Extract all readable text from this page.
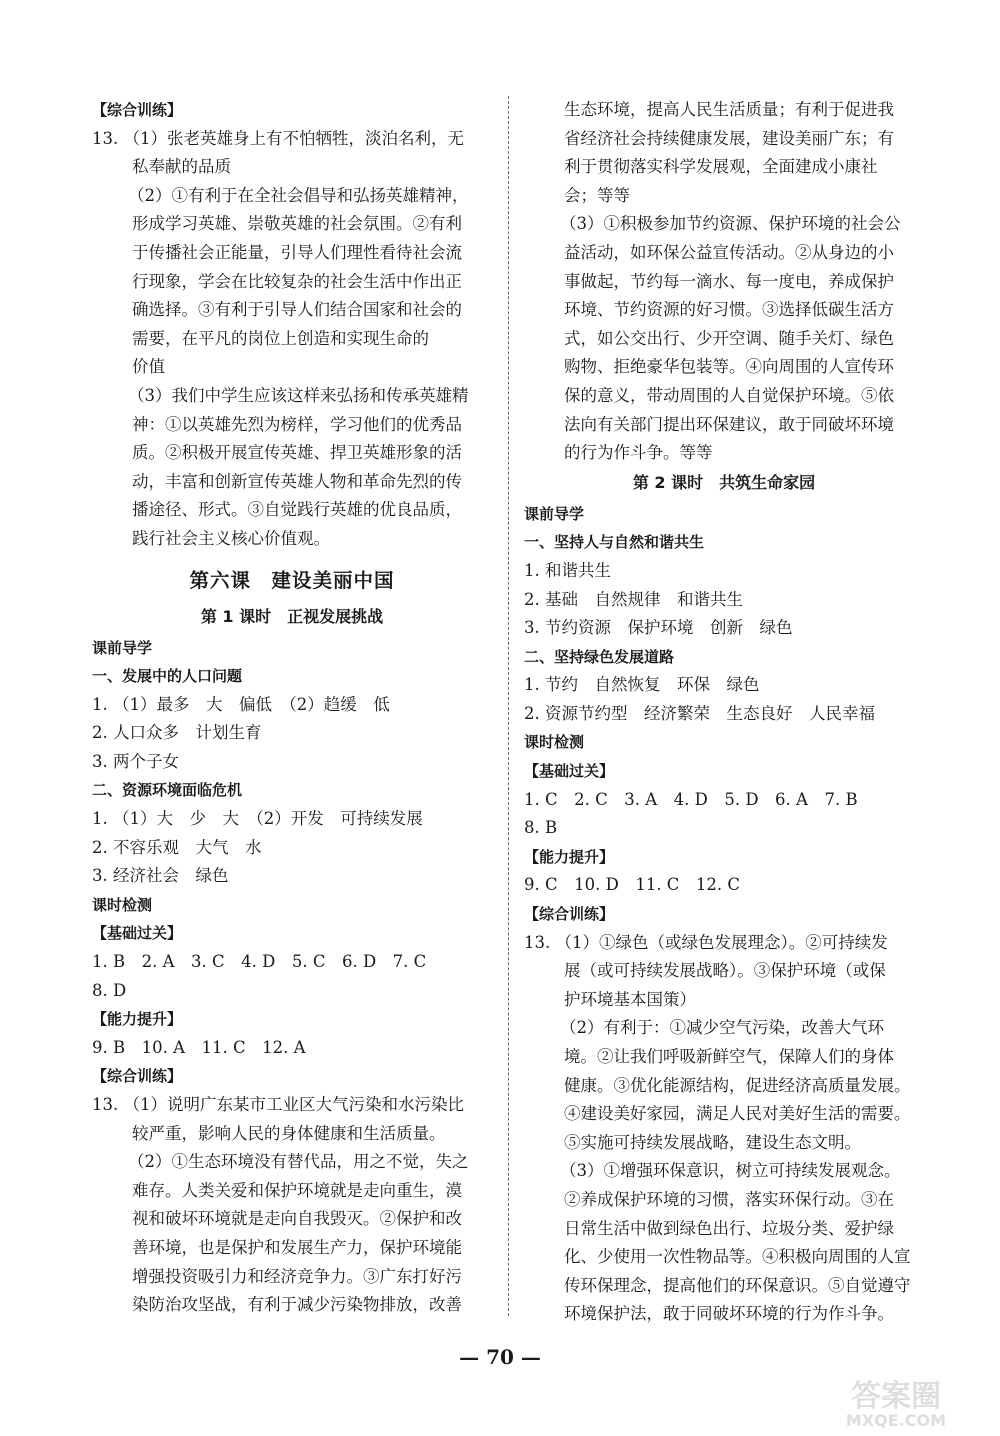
【综合训练】
13. （1）张老英雄身上有不怕牺牲，淡泊名利，无
私奉献的品质
（2）①有利于在全社会倡导和弘扬英雄精神，
形成学习英雄、崇敬英雄的社会氛围。②有利
于传播社会正能量，引导人们理性看待社会流
行现象，学会在比较复杂的社会生活中作出正
确选择。③有利于引导人们结合国家和社会的
需要，在平凡的岗位上创造和实现生命的
价值
（3）我们中学生应该这样来弘扬和传承英雄精
神：①以英雄先烈为榜样，学习他们的优秀品
质。②积极开展宣传英雄、捍卫英雄形象的活
动，丰富和创新宣传英雄人物和革命先烈的传
播途径、形式。③自觉践行英雄的优良品质，
践行社会主义核心价值观。
第六课　建设美丽中国
第 1 课时　正视发展挑战
课前导学
一、发展中的人口问题
1. （1）最多　大　偏低　（2）趋缓　低
2. 人口众多　计划生育
3. 两个子女
二、资源环境面临危机
1. （1）大　少　大　（2）开发　可持续发展
2. 不容乐观　大气　水
3. 经济社会　绿色
课时检测
【基础过关】
1. B　2. A　3. C　4. D　5. C　6. D　7. C
8. D
【能力提升】
9. B　10. A　11. C　12. A
【综合训练】
13. （1）说明广东某市工业区大气污染和水污染比
较严重，影响人民的身体健康和生活质量。
（2）①生态环境没有替代品，用之不觉，失之
难存。人类关爱和保护环境就是走向重生，漠
视和破坏环境就是走向自我毁灭。②保护和改
善环境，也是保护和发展生产力，保护环境能
增强投资吸引力和经济竞争力。③广东打好污
染防治攻坚战，有利于减少污染物排放，改善
生态环境，提高人民生活质量；有利于促进我
省经济社会持续健康发展，建设美丽广东；有
利于贯彻落实科学发展观，全面建成小康社
会；等等
（3）①积极参加节约资源、保护环境的社会公
益活动，如环保公益宣传活动。②从身边的小
事做起，节约每一滴水、每一度电，养成保护
环境、节约资源的好习惯。③选择低碳生活方
式，如公交出行、少开空调、随手关灯、绿色
购物、拒绝豪华包装等。④向周围的人宣传环
保的意义，带动周围的人自觉保护环境。⑤依
法向有关部门提出环保建议，敢于同破坏环境
的行为作斗争。等等
第 2 课时　共筑生命家园
课前导学
一、坚持人与自然和谐共生
1. 和谐共生
2. 基础　自然规律　和谐共生
3. 节约资源　保护环境　创新　绿色
二、坚持绿色发展道路
1. 节约　自然恢复　环保　绿色
2. 资源节约型　经济繁荣　生态良好　人民幸福
课时检测
【基础过关】
1. C　2. C　3. A　4. D　5. D　6. A　7. B
8. B
【能力提升】
9. C　10. D　11. C　12. C
【综合训练】
13. （1）①绿色（或绿色发展理念）。②可持续发
展（或可持续发展战略）。③保护环境（或保
护环境基本国策）
（2）有利于：①减少空气污染，改善大气环
境。②让我们呼吸新鲜空气，保障人们的身体
健康。③优化能源结构，促进经济高质量发展。
④建设美好家园，满足人民对美好生活的需要。
⑤实施可持续发展战略，建设生态文明。
（3）①增强环保意识，树立可持续发展观念。
②养成保护环境的习惯，落实环保行动。③在
日常生活中做到绿色出行、垃圾分类、爱护绿
化、少使用一次性物品等。④积极向周围的人宣
传环保理念，提高他们的环保意识。⑤自觉遵守
环境保护法，敢于同破坏环境的行为作斗争。
— 70 —
答案圈
MXQE.COM
